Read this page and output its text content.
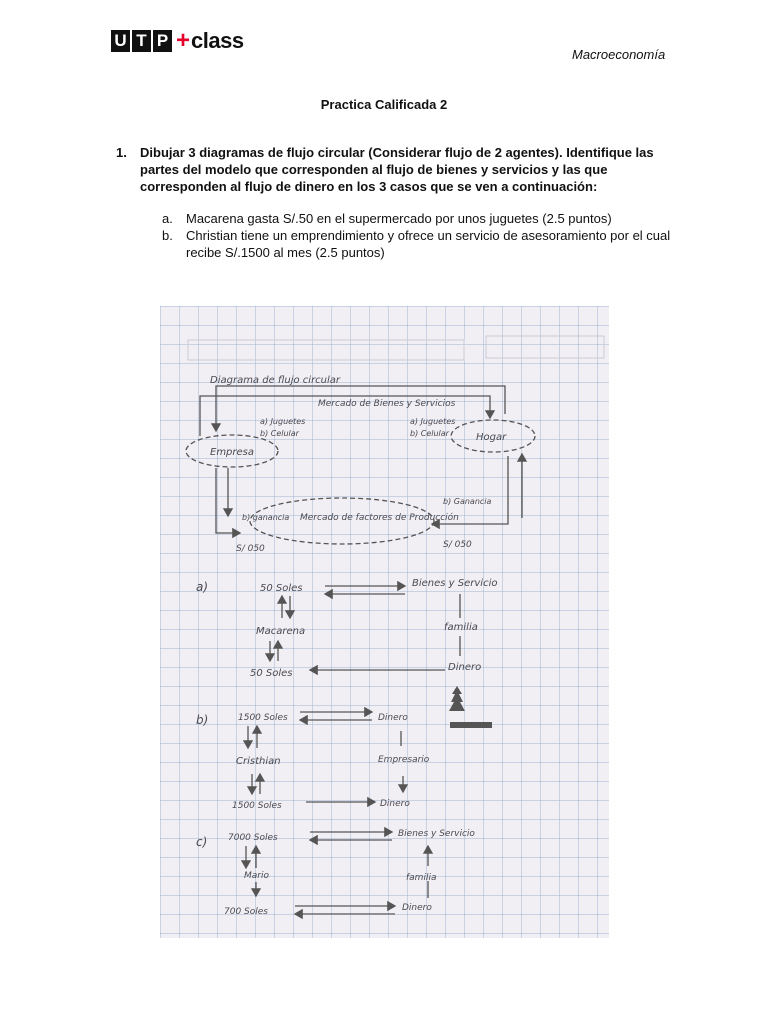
U T P + class
Macroeconomía
Practica Calificada 2
1. Dibujar 3 diagramas de flujo circular (Considerar flujo de 2 agentes). Identifique las partes del modelo que corresponden al flujo de bienes y servicios y las que corresponden al flujo de dinero en los 3 casos que se ven a continuación:
a. Macarena gasta S/.50 en el supermercado por unos juguetes (2.5 puntos)
b. Christian tiene un emprendimiento y ofrece un servicio de asesoramiento por el cual recibe S/.1500 al mes (2.5 puntos)
Diagrama de flujo circular
Mercado de Bienes y Servicios
a) Juguetes
b) Celular
a) Juguetes
b) Celular
Empresa
Hogar
b) ganancia
b) Ganancia
Mercado de factores de Producción
S/ 050	S/ 050
a)	50 Soles	Bienes y Servicio
Macarena	familia
50 Soles
Dinero
b)	1500 Soles	Dinero
Cristhian	Empresario
1500 Soles	Dinero
c) 7000 Soles	Bienes y Servicio
Mario	familia
700 Soles	Dinero
